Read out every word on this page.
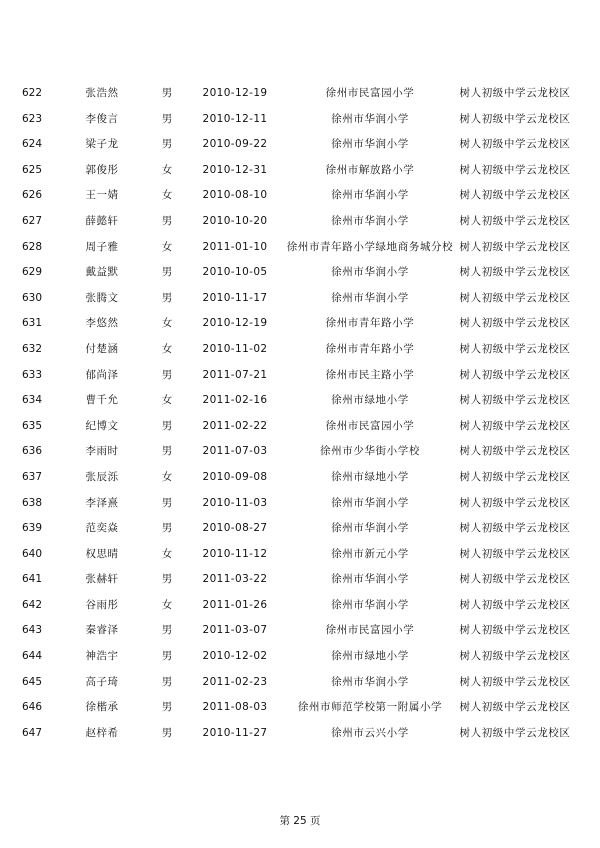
622	张浩然	男	2010-12-19	徐州市民富园小学	树人初级中学云龙校区
623	李俊言	男	2010-12-11	徐州市华润小学	树人初级中学云龙校区
624	梁子龙	男	2010-09-22	徐州市华润小学	树人初级中学云龙校区
625	郭俊彤	女	2010-12-31	徐州市解放路小学	树人初级中学云龙校区
626	王一婧	女	2010-08-10	徐州市华润小学	树人初级中学云龙校区
627	薛懿轩	男	2010-10-20	徐州市华润小学	树人初级中学云龙校区
628	周子雅	女	2011-01-10	徐州市青年路小学绿地商务城分校 树人初级中学云龙校区
629	戴益默	男	2010-10-05	徐州市华润小学	树人初级中学云龙校区
630	张腾文	男	2010-11-17	徐州市华润小学	树人初级中学云龙校区
631	李悠然	女	2010-12-19	徐州市青年路小学	树人初级中学云龙校区
632	付楚涵	女	2010-11-02	徐州市青年路小学	树人初级中学云龙校区
633	郁尚泽	男	2011-07-21	徐州市民主路小学	树人初级中学云龙校区
634	曹千允	女	2011-02-16	徐州市绿地小学	树人初级中学云龙校区
635	纪博文	男	2011-02-22	徐州市民富园小学	树人初级中学云龙校区
636	李雨时	男	2011-07-03	徐州市少华街小学校	树人初级中学云龙校区
637	张辰泺	女	2010-09-08	徐州市绿地小学	树人初级中学云龙校区
638	李泽熹	男	2010-11-03	徐州市华润小学	树人初级中学云龙校区
639	范奕焱	男	2010-08-27	徐州市华润小学	树人初级中学云龙校区
640	权思晴	女	2010-11-12	徐州市新元小学	树人初级中学云龙校区
641	张赫轩	男	2011-03-22	徐州市华润小学	树人初级中学云龙校区
642	谷雨彤	女	2011-01-26	徐州市华润小学	树人初级中学云龙校区
643	秦睿泽	男	2011-03-07	徐州市民富园小学	树人初级中学云龙校区
644	神浩宇	男	2010-12-02	徐州市绿地小学	树人初级中学云龙校区
645	高子琦	男	2011-02-23	徐州市华润小学	树人初级中学云龙校区
646	徐楷承	男	2011-08-03	徐州市师范学校第一附属小学	树人初级中学云龙校区
647	赵梓希	男	2010-11-27	徐州市云兴小学	树人初级中学云龙校区
第 25 页
